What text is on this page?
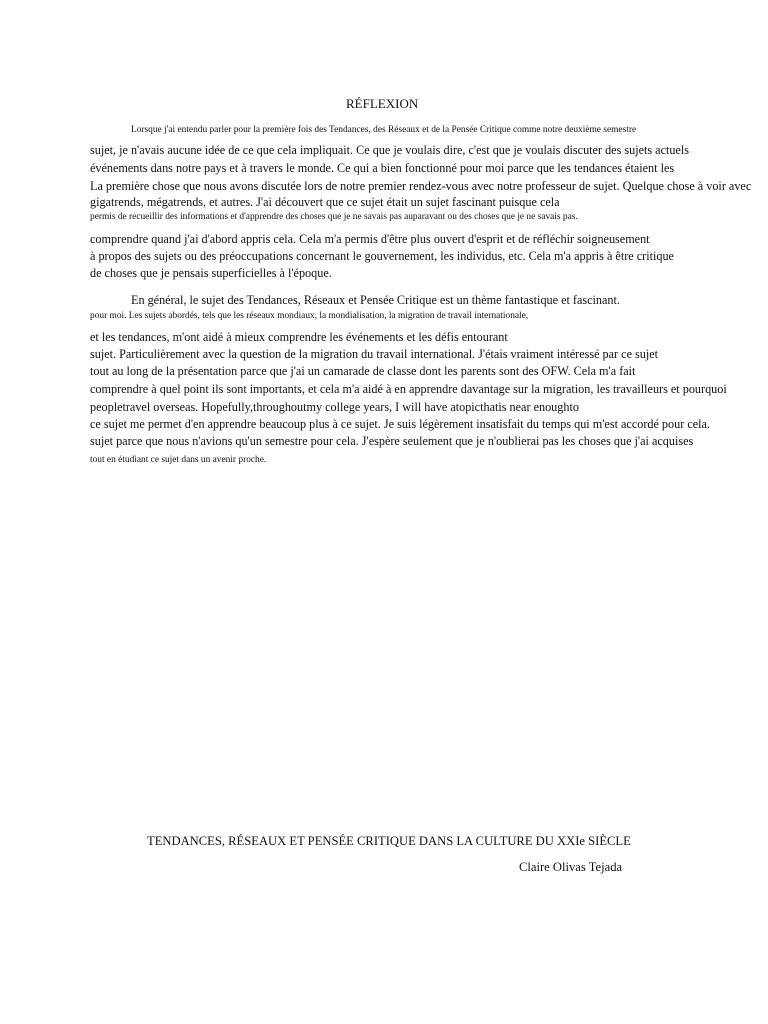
RÉFLEXION
Lorsque j'ai entendu parler pour la première fois des Tendances, des Réseaux et de la Pensée Critique comme notre deuxième semestre
sujet, je n'avais aucune idée de ce que cela impliquait. Ce que je voulais dire, c'est que je voulais discuter des sujets actuels
événements dans notre pays et à travers le monde. Ce qui a bien fonctionné pour moi parce que les tendances étaient les
La première chose que nous avons discutée lors de notre premier rendez-vous avec notre professeur de sujet. Quelque chose à voir avec
gigatrends, mégatrends, et autres. J'ai découvert que ce sujet était un sujet fascinant puisque cela
permis de recueillir des informations et d'apprendre des choses que je ne savais pas auparavant ou des choses que je ne savais pas.
comprendre quand j'ai d'abord appris cela. Cela m'a permis d'être plus ouvert d'esprit et de réfléchir soigneusement
à propos des sujets ou des préoccupations concernant le gouvernement, les individus, etc. Cela m'a appris à être critique
de choses que je pensais superficielles à l'époque.
En général, le sujet des Tendances, Réseaux et Pensée Critique est un thème fantastique et fascinant.
pour moi. Les sujets abordés, tels que les réseaux mondiaux, la mondialisation, la migration de travail internationale,
et les tendances, m'ont aidé à mieux comprendre les événements et les défis entourant
sujet. Particulièrement avec la question de la migration du travail international. J'étais vraiment intéressé par ce sujet
tout au long de la présentation parce que j'ai un camarade de classe dont les parents sont des OFW. Cela m'a fait
comprendre à quel point ils sont importants, et cela m'a aidé à en apprendre davantage sur la migration, les travailleurs et pourquoi
peopletravel overseas. Hopefully,throughoutmy college years, I will have atopicthatis near enoughto
ce sujet me permet d'en apprendre beaucoup plus à ce sujet. Je suis légèrement insatisfait du temps qui m'est accordé pour cela.
sujet parce que nous n'avions qu'un semestre pour cela. J'espère seulement que je n'oublierai pas les choses que j'ai acquises
tout en étudiant ce sujet dans un avenir proche.
TENDANCES, RÉSEAUX ET PENSÉE CRITIQUE DANS LA CULTURE DU XXIe SIÈCLE
Claire Olivas Tejada
